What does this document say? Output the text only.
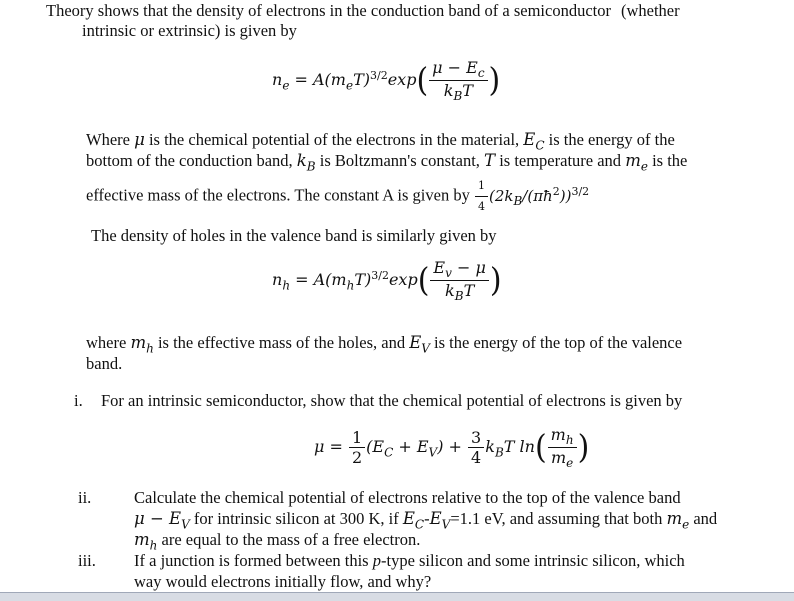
Theory shows that the density of electrons in the conduction band of a semiconductor (whether
intrinsic or extrinsic) is given by
$n_e = A(m_eT)^{3/2}\exp( \frac{\mu - E_c}{k_BT}$ )
Where μ is the chemical potential of the electrons in the material, $E_C$ is the energy of the
bottom of the conduction band, $k_B$ is Boltzmann's constant, T is temperature and $m_e$ is the
effective mass of the electrons. The constant A is given by $\frac{1}{4}$ $(2k_B/(\pi ħ^2))^{3/2}$
The density of holes in the valence band is similarly given by
$n_h = A(m_hT)^{3/2}\exp( \frac{E_v - \mu}{k_BT}$ )
where $m_h$ is the effective mass of the holes, and $E_V$ is the energy of the top of the valence
band.
i. For an intrinsic semiconductor, show that the chemical potential of electrons is given by
$\mu = \frac{1}{2} (E_C + E_V) + \frac{3}{4} k_BT$ $\ln( \frac{m_h}{m_e}$ )
ii.	Calculate the chemical potential of electrons relative to the top of the valence band
$\mu - E_V$ for intrinsic silicon at 300 K, if $E_C-E_V=1.1$ eV, and assuming that both $m_e$ and
$m_h$ are equal to the mass of a free electron.
iii. If a junction is formed between this p-type silicon and some intrinsic silicon, which
way would electrons initially flow, and why?
